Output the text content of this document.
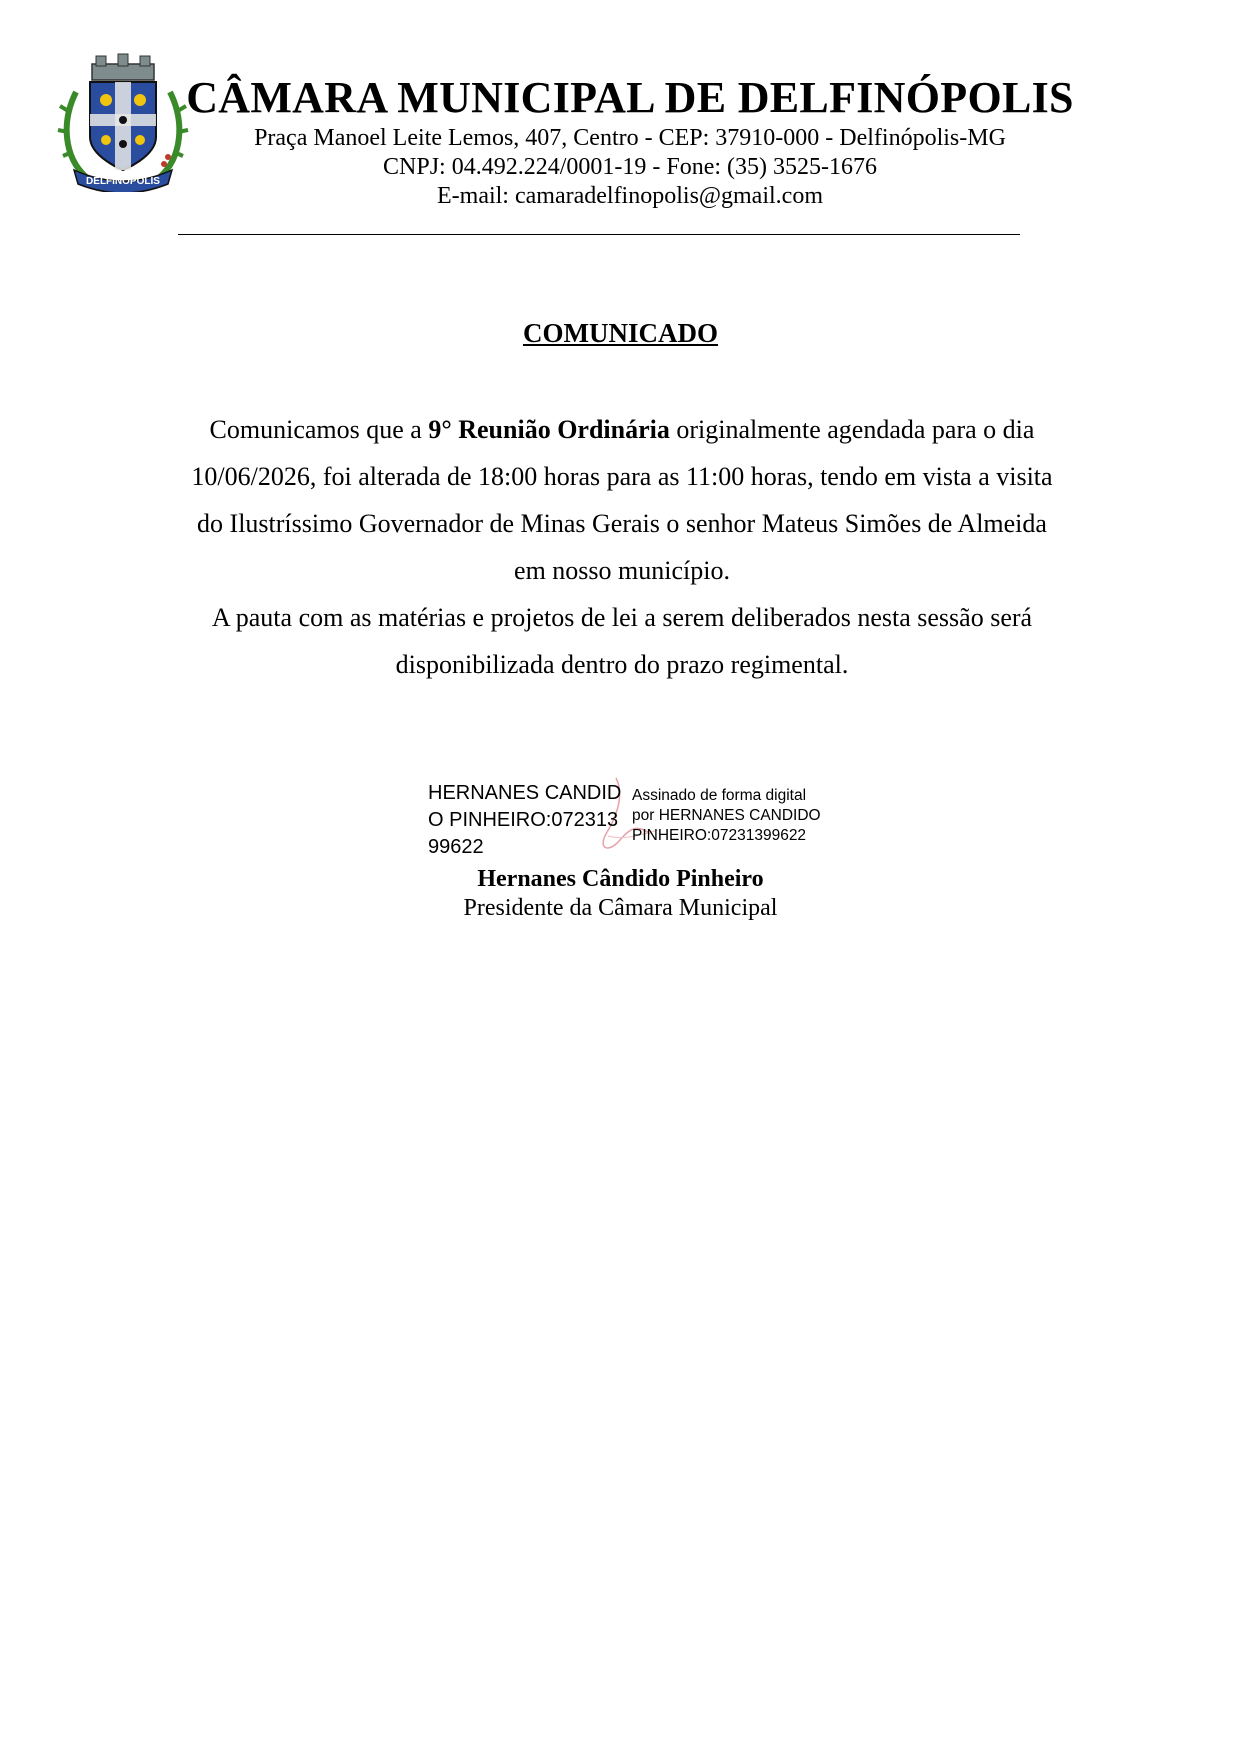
DELFINÓPOLIS
CÂMARA MUNICIPAL DE DELFINÓPOLIS
Praça Manoel Leite Lemos, 407, Centro - CEP: 37910-000 - Delfinópolis-MG
CNPJ: 04.492.224/0001-19 - Fone: (35) 3525-1676
E-mail: camaradelfinopolis@gmail.com
COMUNICADO
Comunicamos que a 9° Reunião Ordinária originalmente agendada para o dia 10/06/2026, foi alterada de 18:00 horas para as 11:00 horas, tendo em vista a visita do Ilustríssimo Governador de Minas Gerais o senhor Mateus Simões de Almeida em nosso município.
A pauta com as matérias e projetos de lei a serem deliberados nesta sessão será disponibilizada dentro do prazo regimental.
HERNANES CANDIDO PINHEIRO:07231399622
Assinado de forma digital
por HERNANES CANDIDO
PINHEIRO:07231399622
Hernanes Cândido Pinheiro
Presidente da Câmara Municipal
